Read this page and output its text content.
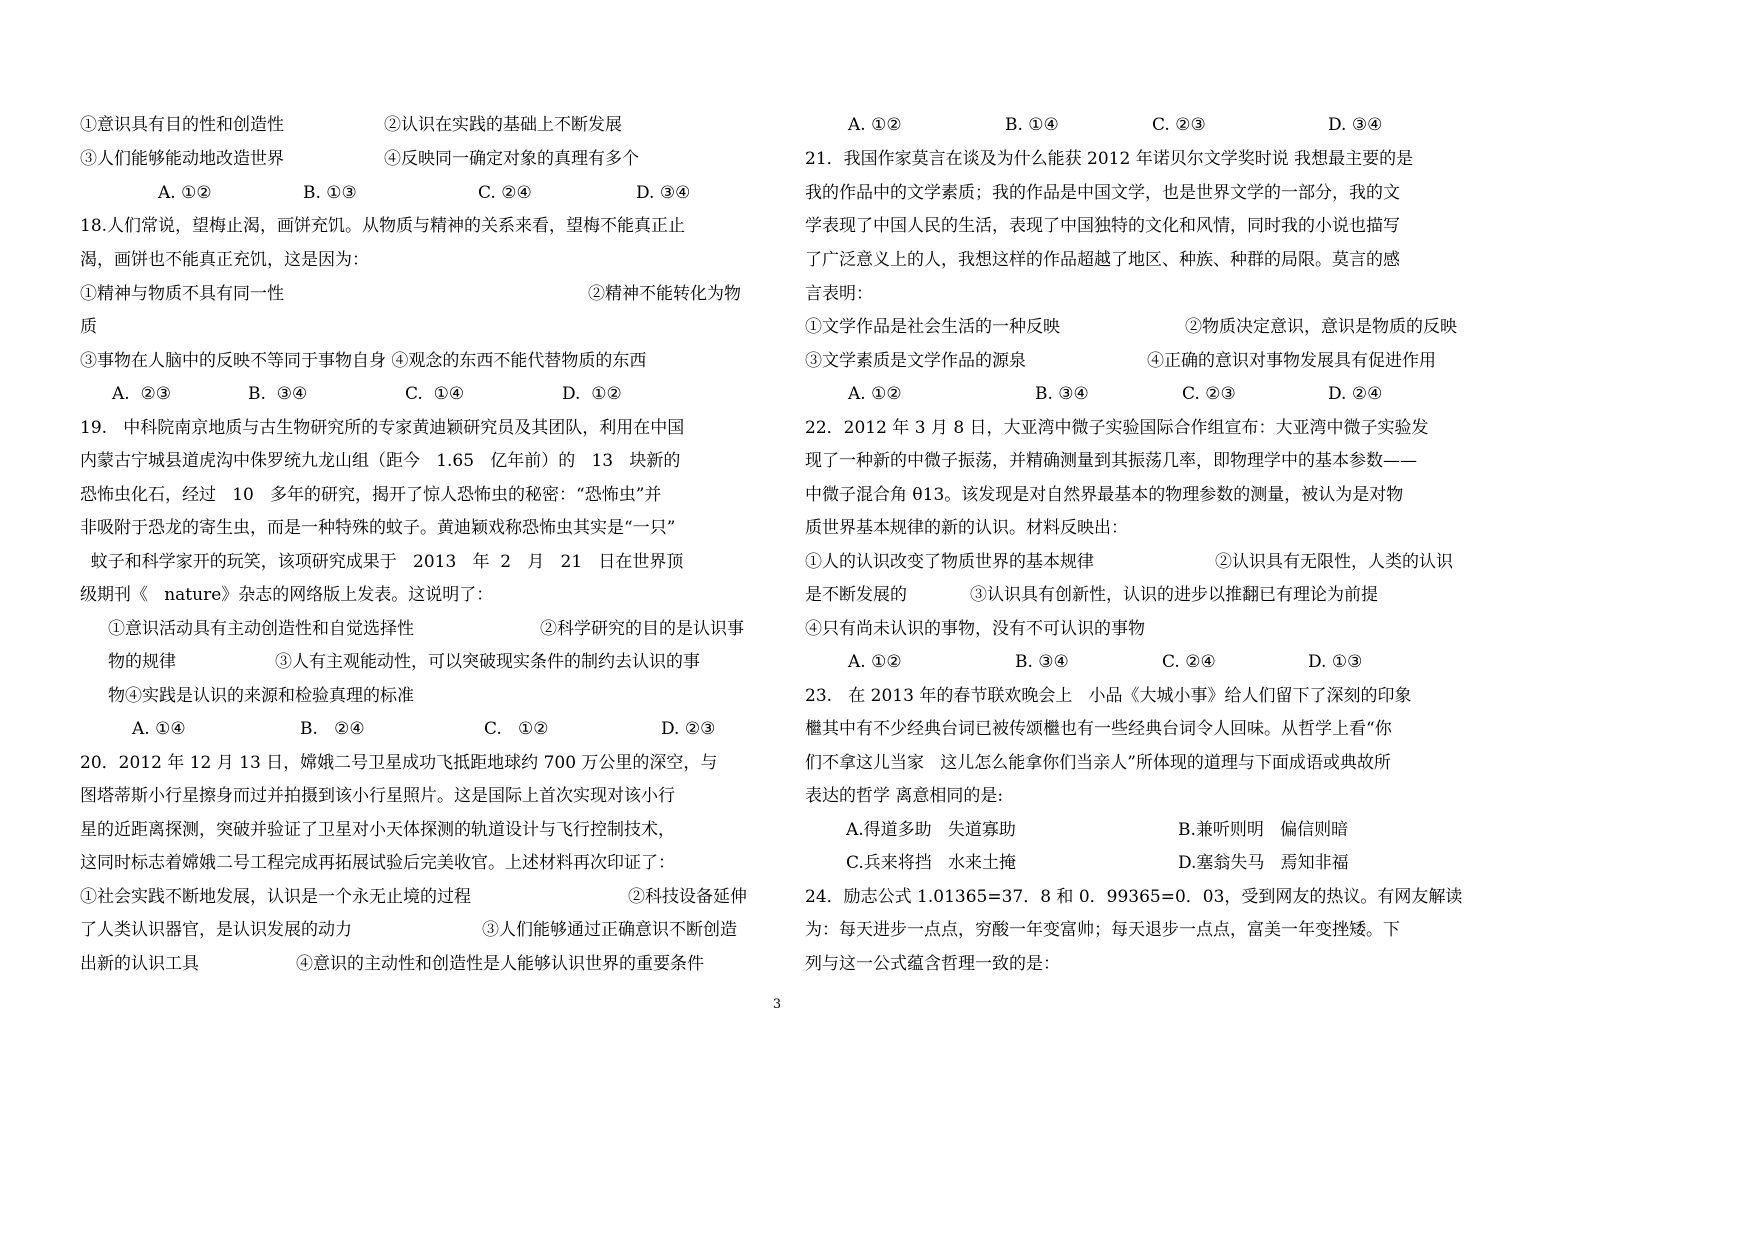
①意识具有目的性和创造性	②认识在实践的基础上不断发展
③人们能够能动地改造世界	④反映同一确定对象的真理有多个
A. ①②	B. ①③	C. ②④	D. ③④
18.人们常说，望梅止渴，画饼充饥。从物质与精神的关系来看，望梅不能真正止
渴，画饼也不能真正充饥，这是因为：
①精神与物质不具有同一性	②精神不能转化为物
质
③事物在人脑中的反映不等同于事物自身 ④观念的东西不能代替物质的东西
A.  ②③	B.  ③④	C.  ①④	D.  ①②
19.   中科院南京地质与古生物研究所的专家黄迪颖研究员及其团队，利用在中国
内蒙古宁城县道虎沟中侏罗统九龙山组（距今   1.65   亿年前）的   13   块新的
恐怖虫化石，经过   10   多年的研究，揭开了惊人恐怖虫的秘密：“恐怖虫”并
非吸附于恐龙的寄生虫，而是一种特殊的蚊子。黄迪颖戏称恐怖虫其实是“一只”
蚊子和科学家开的玩笑，该项研究成果于   2013   年  2   月   21   日在世界顶
级期刊《   nature》杂志的网络版上发表。这说明了：
①意识活动具有主动创造性和自觉选择性	②科学研究的目的是认识事
物的规律	③人有主观能动性，可以突破现实条件的制约去认识的事
物④实践是认识的来源和检验真理的标准
A. ①④	B.   ②④	C.   ①②	D. ②③
20．2012 年 12 月 13 日，嫦娥二号卫星成功飞抵距地球约 700 万公里的深空，与
图塔蒂斯小行星擦身而过并拍摄到该小行星照片。这是国际上首次实现对该小行
星的近距离探测，突破并验证了卫星对小天体探测的轨道设计与飞行控制技术，
这同时标志着嫦娥二号工程完成再拓展试验后完美收官。上述材料再次印证了：
①社会实践不断地发展，认识是一个永无止境的过程	②科技设备延伸
了人类认识器官，是认识发展的动力	③人们能够通过正确意识不断创造
出新的认识工具	④意识的主动性和创造性是人能够认识世界的重要条件
A. ①②	B. ①④	C. ②③	D. ③④
21．我国作家莫言在谈及为什么能获 2012 年诺贝尔文学奖时说 我想最主要的是
我的作品中的文学素质；我的作品是中国文学，也是世界文学的一部分，我的文
学表现了中国人民的生活，表现了中国独特的文化和风情，同时我的小说也描写
了广泛意义上的人，我想这样的作品超越了地区、种族、种群的局限。莫言的感
言表明：
①文学作品是社会生活的一种反映	②物质决定意识，意识是物质的反映
③文学素质是文学作品的源泉	④正确的意识对事物发展具有促进作用
A. ①②	B. ③④	C. ②③	D. ②④
22．2012 年 3 月 8 日，大亚湾中微子实验国际合作组宣布：大亚湾中微子实验发
现了一种新的中微子振荡，并精确测量到其振荡几率，即物理学中的基本参数——
中微子混合角 θ13。该发现是对自然界最基本的物理参数的测量，被认为是对物
质世界基本规律的新的认识。材料反映出：
①人的认识改变了物质世界的基本规律	②认识具有无限性，人类的认识
是不断发展的	③认识具有创新性，认识的进步以推翻已有理论为前提
④只有尚未认识的事物，没有不可认识的事物
A. ①②	B. ③④	C. ②④	D. ①③
23.   在 2013 年的春节联欢晚会上   小品《大城小事》给人们留下了深刻的印象
檵其中有不少经典台词已被传颂檵也有一些经典台词令人回味。从哲学上看“你
们不拿这儿当家   这儿怎么能拿你们当亲人”所体现的道理与下面成语或典故所
表达的哲学 离意相同的是:
A.得道多助   失道寡助	B.兼听则明   偏信则暗
C.兵来将挡   水来土掩	D.塞翁失马   焉知非福
24．励志公式 1.01365=37．8 和 0．99365=0．03，受到网友的热议。有网友解读
为：每天进步一点点，穷酸一年变富帅；每天退步一点点，富美一年变挫矮。下
列与这一公式蕴含哲理一致的是：
3
